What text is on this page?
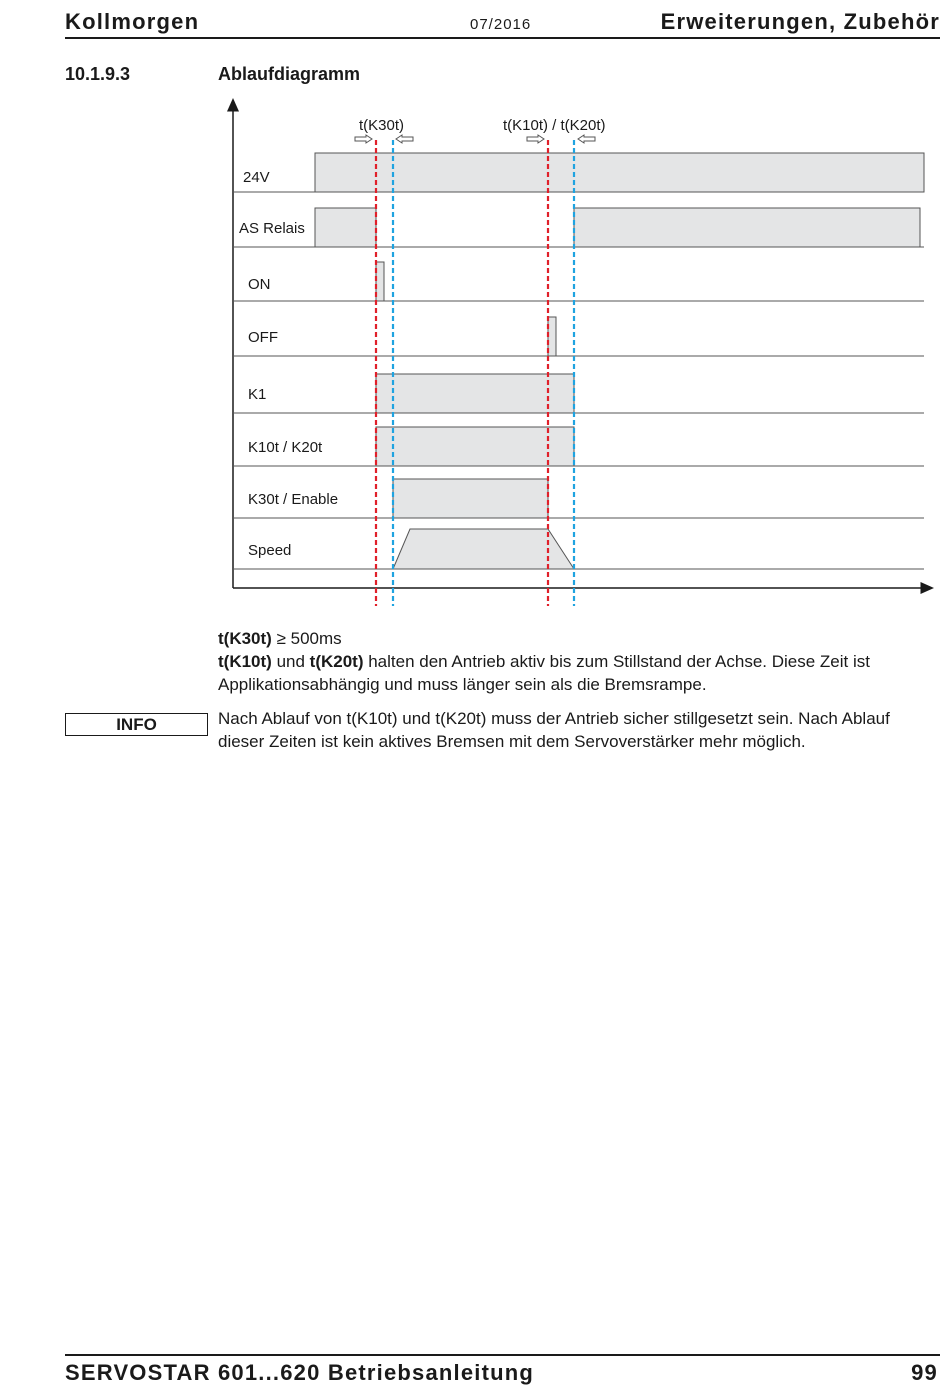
Kollmorgen	07/2016	Erweiterungen, Zubehör
10.1.9.3	Ablaufdiagramm
t(K30t)	t(K10t) / t(K20t)
24V
AS Relais
ON
OFF
K1
K10t / K20t
K30t / Enable
Speed
t(K30t) ≥ 500ms
t(K10t) und t(K20t) halten den Antrieb aktiv bis zum Stillstand der Achse. Diese Zeit ist
Applikationsabhängig und muss länger sein als die Bremsrampe.
INFO	Nach Ablauf von t(K10t) und t(K20t) muss der Antrieb sicher stillgesetzt sein. Nach Ablauf
dieser Zeiten ist kein aktives Bremsen mit dem Servoverstärker mehr möglich.
SERVOSTAR 601...620 Betriebsanleitung	99
